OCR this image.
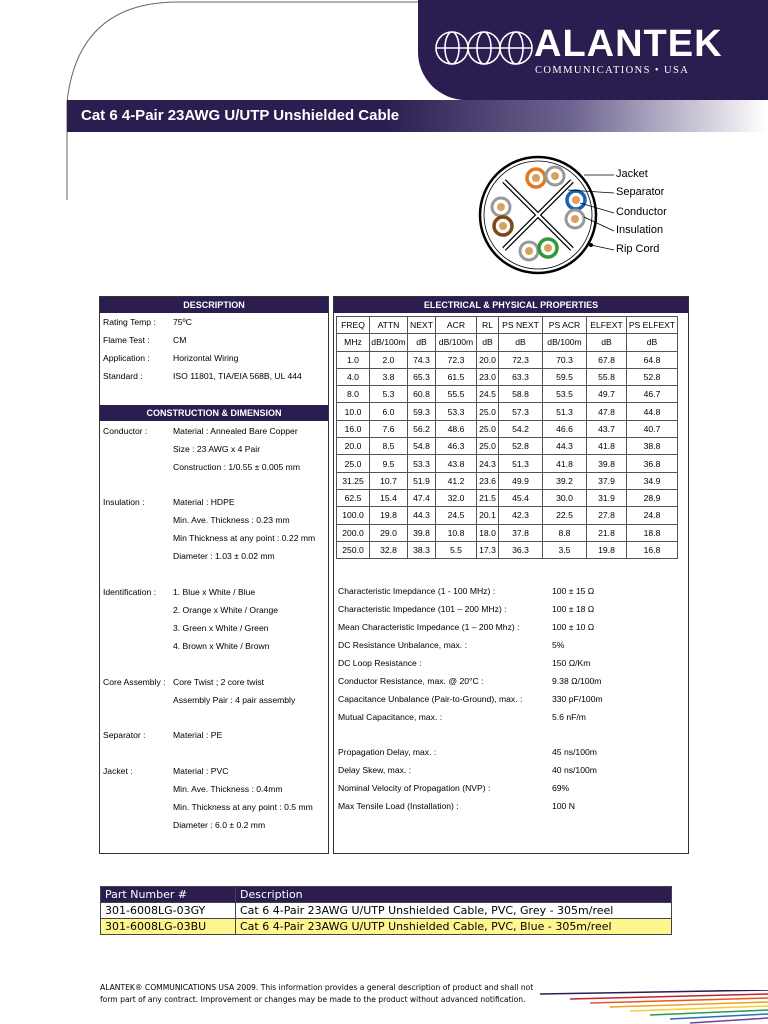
ALANTEK
COMMUNICATIONS • USA
Cat 6 4-Pair 23AWG U/UTP Unshielded Cable
Jacket
Separator
Conductor
Insulation
Rip Cord
DESCRIPTION
Rating Temp : 75ºC
Flame Test :	CM
Application :	Horizontal Wiring
Standard :	ISO 11801, TIA/EIA 568B, UL 444
CONSTRUCTION & DIMENSION
Conductor :	Material : Annealed Bare Copper
Size : 23 AWG x 4 Pair
Construction : 1/0.55 ± 0.005 mm
Insulation :	Material : HDPE
Min. Ave. Thickness : 0.23 mm
Min Thickness at any point : 0.22 mm
Diameter : 1.03 ± 0.02 mm
Identification : 1. Blue x White / Blue
2. Orange x White / Orange
3. Green x White / Green
4. Brown x White / Brown
Core Assembly : Core Twist ; 2 core twist
Assembly Pair : 4 pair assembly
Separator :	Material : PE
Jacket :	Material : PVC
Min. Ave. Thickness : 0.4mm
Min. Thickness at any point : 0.5 mm
Diameter : 6.0 ± 0.2 mm
ELECTRICAL & PHYSICAL PROPERTIES
FREQ	ATTN	NEXT	ACR	RL	PS NEXT	PS ACR	ELFEXT	PS ELFEXT
MHz	dB/100m	dB	dB/100m	dB	dB	dB/100m	dB	dB
1.0	2.0	74.3	72.3	20.0	72.3	70.3	67.8	64.8
4.0	3.8	65.3	61.5	23.0	63.3	59.5	55.8	52.8
8.0	5.3	60.8	55.5	24.5	58.8	53.5	49.7	46.7
10.0	6.0	59.3	53.3	25.0	57.3	51.3	47.8	44.8
16.0	7.6	56.2	48.6	25.0	54.2	46.6	43.7	40.7
20.0	8.5	54.8	46.3	25.0	52.8	44.3	41.8	38.8
25.0	9.5	53.3	43.8	24.3	51.3	41.8	39.8	36.8
31.25	10.7	51.9	41.2	23.6	49.9	39.2	37.9	34.9
62.5	15.4	47.4	32.0	21.5	45.4	30.0	31.9	28.9
100.0	19.8	44.3	24.5	20.1	42.3	22.5	27.8	24.8
200.0	29.0	39.8	10.8	18.0	37.8	8.8	21.8	18.8
250.0	32.8	38.3	5.5	17.3	36.3	3.5	19.8	16.8
Characteristic Imepdance (1 - 100 MHz) :	100 ± 15 Ω
Characteristic Impedance (101 – 200 MHz) :	100 ± 18 Ω
Mean Characteristic Impedance (1 – 200 Mhz) :	100 ± 10 Ω
DC Resistance Unbalance, max. :	5%
DC Loop Resistance :	150 Ω/Km
Conductor Resistance, max. @ 20°C :	9.38 Ω/100m
Capacitance Unbalance (Pair-to-Ground), max. :	330 pF/100m
Mutual Capacitance, max. :	5.6 nF/m
Propagation Delay, max. :	45 ns/100m
Delay Skew, max. :	40 ns/100m
Nominal Velocity of Propagation (NVP) :	69%
Max Tensile Load (Installation) :	100 N
Part Number #	Description
301-6008LG-03GY	Cat 6 4-Pair 23AWG U/UTP Unshielded Cable, PVC, Grey - 305m/reel
301-6008LG-03BU	Cat 6 4-Pair 23AWG U/UTP Unshielded Cable, PVC, Blue - 305m/reel
ALANTEK® COMMUNICATIONS USA 2009. This information provides a general description of product and shall not
form part of any contract. Improvement or changes may be made to the product without advanced notification.
